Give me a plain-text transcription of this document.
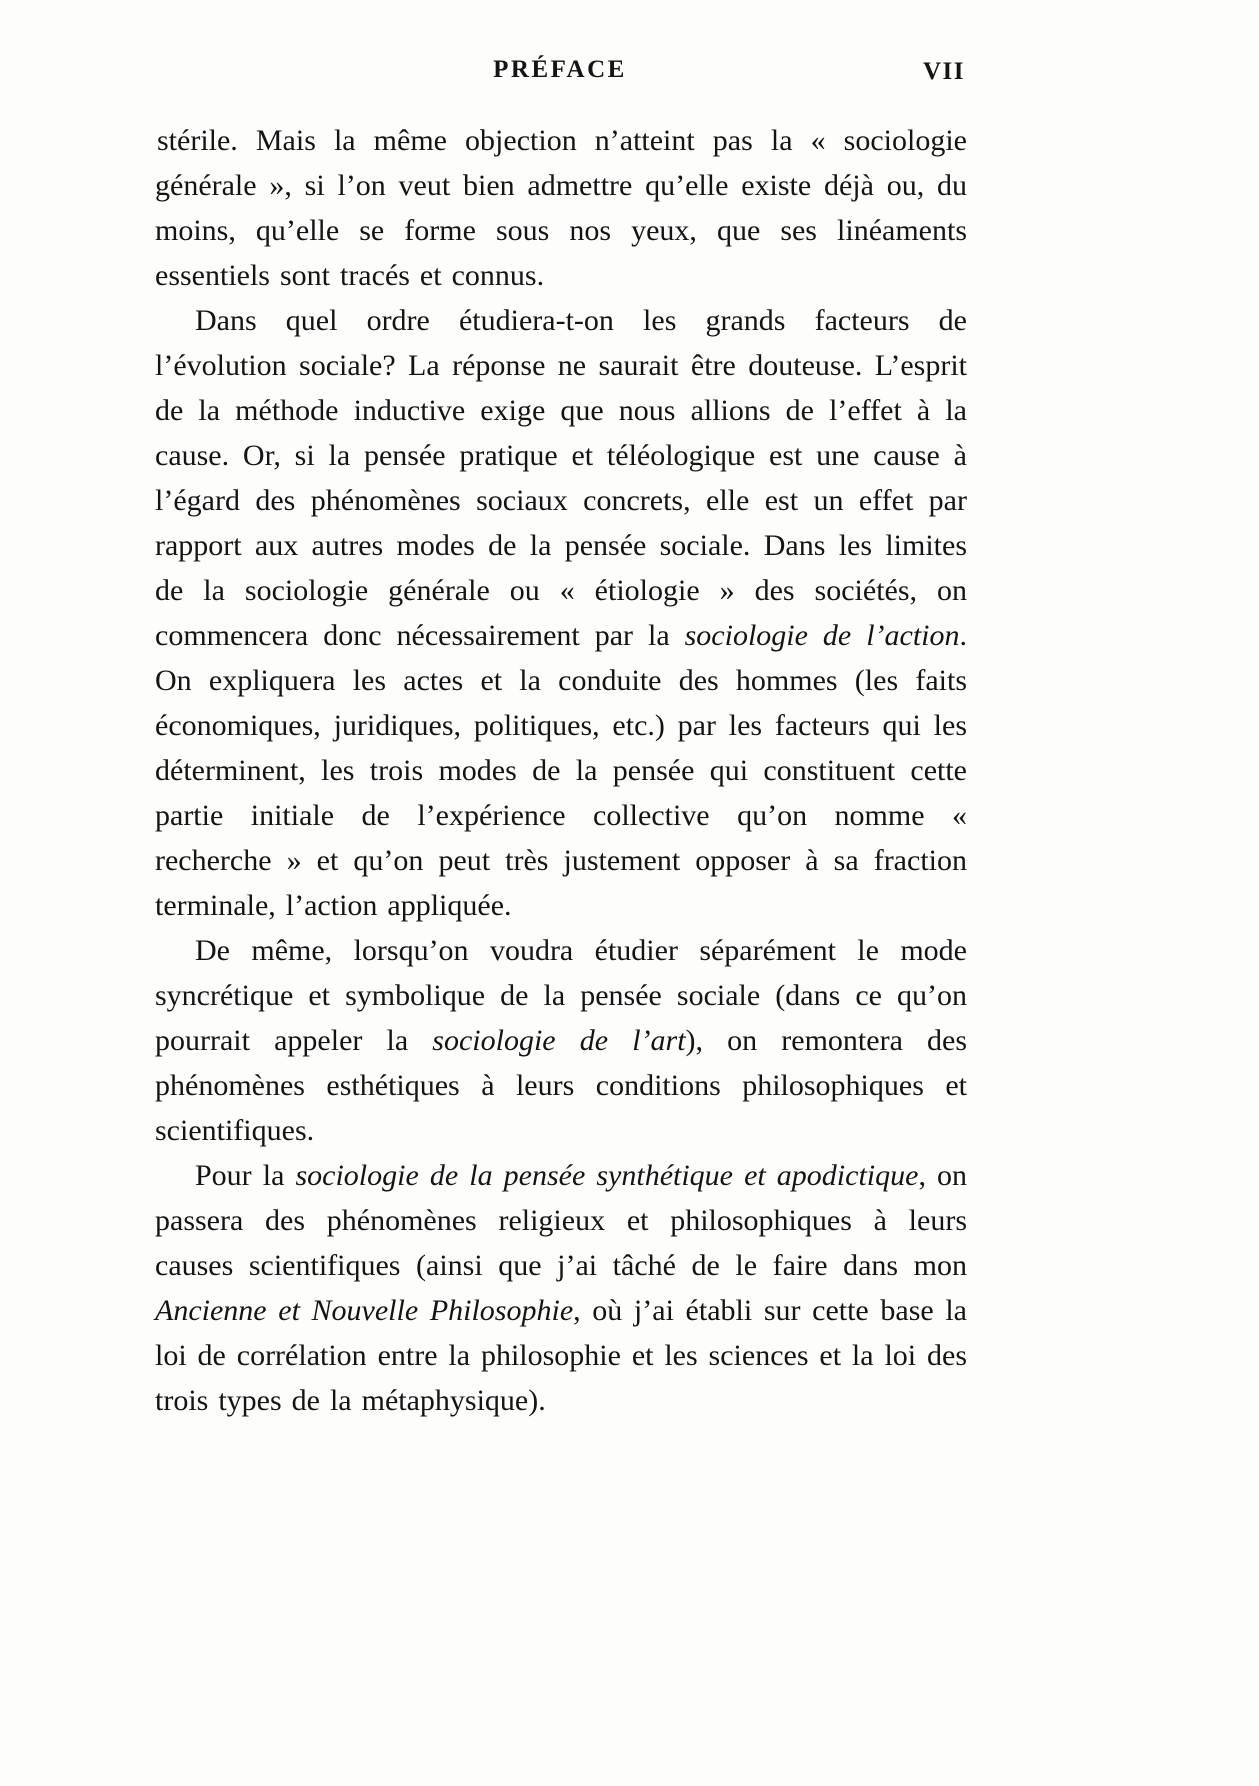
PRÉFACE	VII

stérile. Mais la même objection n’atteint pas la « sociologie générale », si l’on veut bien admettre qu’elle existe déjà ou, du moins, qu’elle se forme sous nos yeux, que ses linéaments essentiels sont tracés et connus.

Dans quel ordre étudiera-t-on les grands facteurs de l’évolution sociale? La réponse ne saurait être douteuse. L’esprit de la méthode inductive exige que nous allions de l’effet à la cause. Or, si la pensée pratique et téléologique est une cause à l’égard des phénomènes sociaux concrets, elle est un effet par rapport aux autres modes de la pensée sociale. Dans les limites de la sociologie générale ou « étiologie » des sociétés, on commencera donc nécessairement par la sociologie de l’action. On expliquera les actes et la conduite des hommes (les faits économiques, juridiques, politiques, etc.) par les facteurs qui les déterminent, les trois modes de la pensée qui constituent cette partie initiale de l’expérience collective qu’on nomme « recherche » et qu’on peut très justement opposer à sa fraction terminale, l’action appliquée.

De même, lorsqu’on voudra étudier séparément le mode syncrétique et symbolique de la pensée sociale (dans ce qu’on pourrait appeler la sociologie de l’art), on remontera des phénomènes esthétiques à leurs conditions philosophiques et scientifiques.

Pour la sociologie de la pensée synthétique et apodictique, on passera des phénomènes religieux et philosophiques à leurs causes scientifiques (ainsi que j’ai tâché de le faire dans mon Ancienne et Nouvelle Philosophie, où j’ai établi sur cette base la loi de corrélation entre la philosophie et les sciences et la loi des trois types de la métaphysique).
